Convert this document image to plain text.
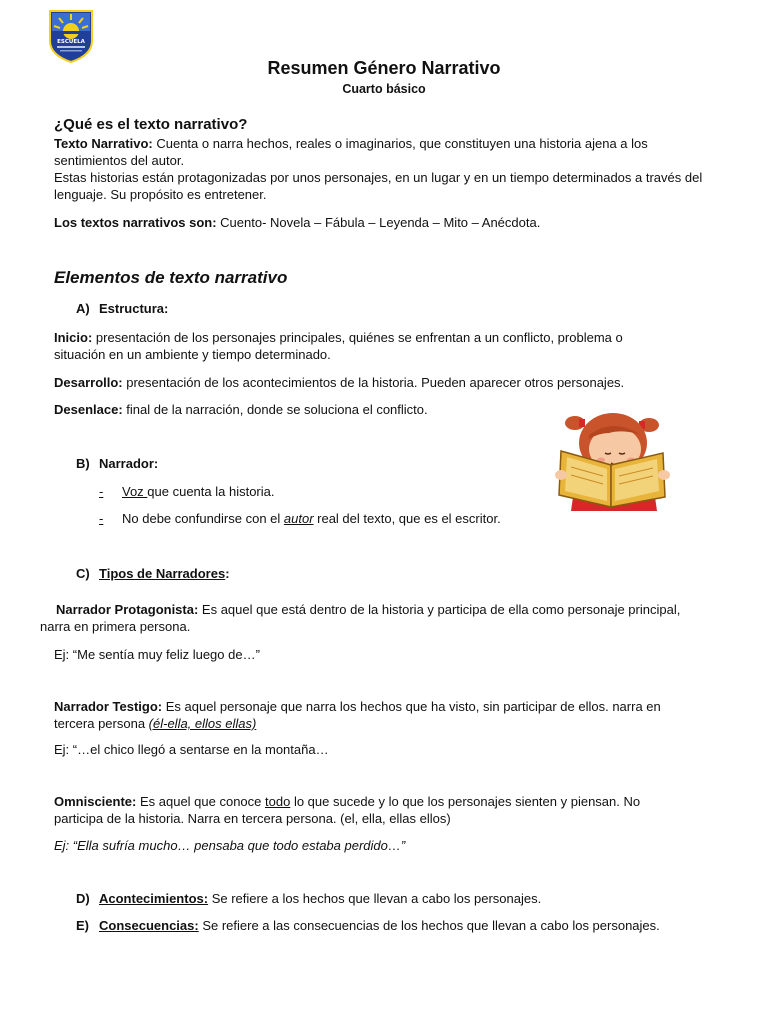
ESCUELA
Resumen Género Narrativo
Cuarto básico
¿Qué es el texto narrativo?
Texto Narrativo: Cuenta o narra hechos, reales o imaginarios, que constituyen una historia ajena a los sentimientos del autor.
Estas historias están protagonizadas por unos personajes, en un lugar y en un tiempo determinados a través del lenguaje. Su propósito es entretener.
Los textos narrativos son: Cuento- Novela – Fábula – Leyenda – Mito – Anécdota.
Elementos de texto narrativo
A) Estructura:
Inicio: presentación de los personajes principales, quiénes se enfrentan a un conflicto, problema o situación en un ambiente y tiempo determinado.
Desarrollo: presentación de los acontecimientos de la historia. Pueden aparecer otros personajes.
Desenlace: final de la narración, donde se soluciona el conflicto.
B) Narrador:
- Voz que cuenta la historia.
- No debe confundirse con el autor real del texto, que es el escritor.
C) Tipos de Narradores:
Narrador Protagonista: Es aquel que está dentro de la historia y participa de ella como personaje principal, narra en primera persona.
Ej: “Me sentía muy feliz luego de…”
Narrador Testigo: Es aquel personaje que narra los hechos que ha visto, sin participar de ellos. narra en tercera persona (él-ella, ellos ellas)
Ej: “…el chico llegó a sentarse en la montaña…
Omnisciente: Es aquel que conoce todo lo que sucede y lo que los personajes sienten y piensan. No participa de la historia. Narra en tercera persona. (el, ella, ellas ellos)
Ej: “Ella sufría mucho… pensaba que todo estaba perdido…”
D) Acontecimientos: Se refiere a los hechos que llevan a cabo los personajes.
E) Consecuencias: Se refiere a las consecuencias de los hechos que llevan a cabo los personajes.
